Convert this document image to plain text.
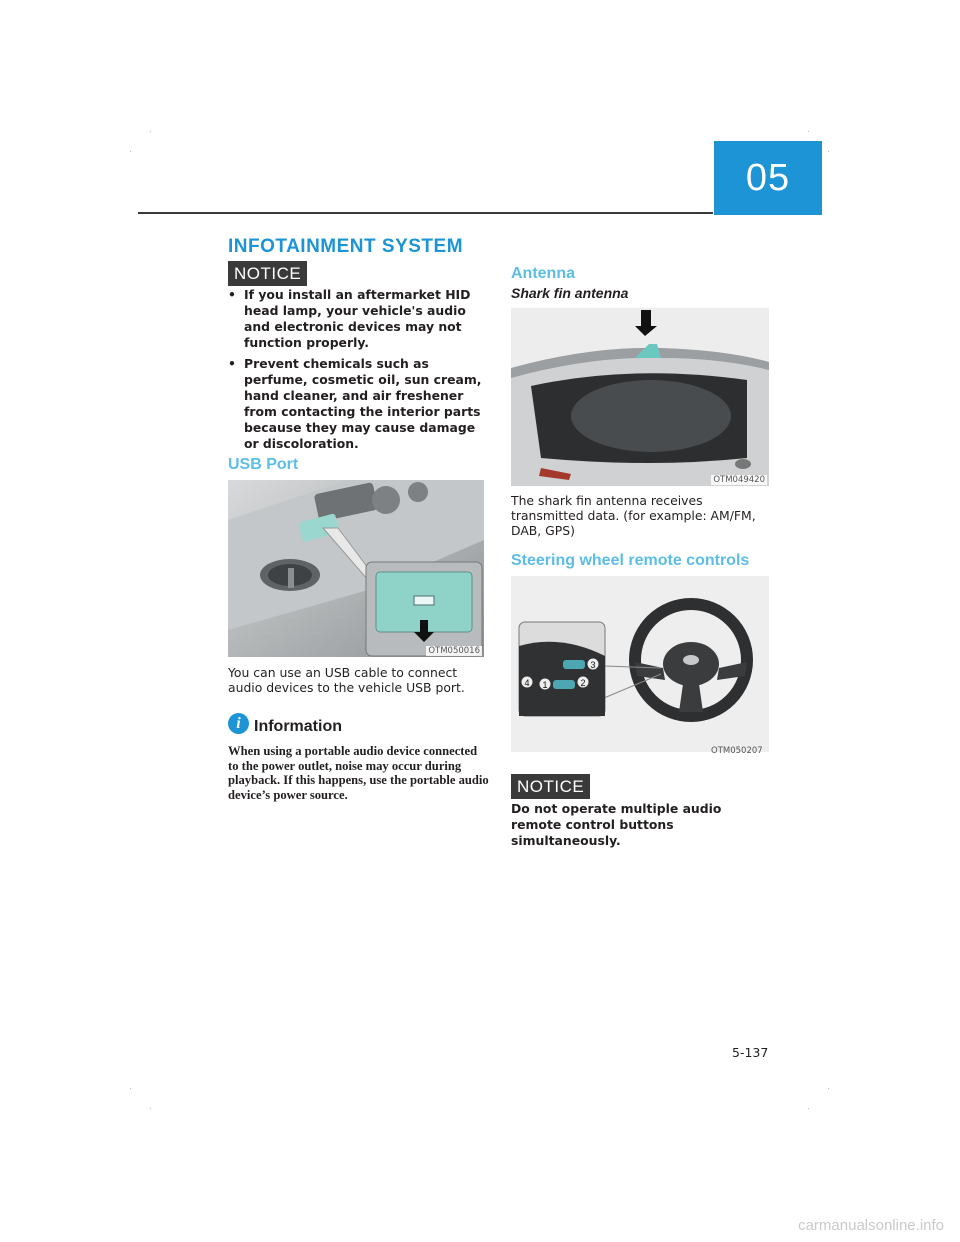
05
INFOTAINMENT SYSTEM
NOTICE
• If you install an aftermarket HID head lamp, your vehicle's audio and electronic devices may not function properly.
• Prevent chemicals such as perfume, cosmetic oil, sun cream, hand cleaner, and air freshener from contacting the interior parts because they may cause damage or discoloration.
USB Port
OTM050016

You can use an USB cable to connect audio devices to the vehicle USB port.

i Information

When using a portable audio device connected to the power outlet, noise may occur during playback. If this happens, use the portable audio device’s power source.

Antenna
Shark fin antenna
OTM049420

The shark fin antenna receives transmitted data. (for example: AM/FM, DAB, GPS)

Steering wheel remote controls
3
2
1
4
OTM050207
NOTICE

Do not operate multiple audio remote control buttons simultaneously.

5-137
carmanualsonline.info
